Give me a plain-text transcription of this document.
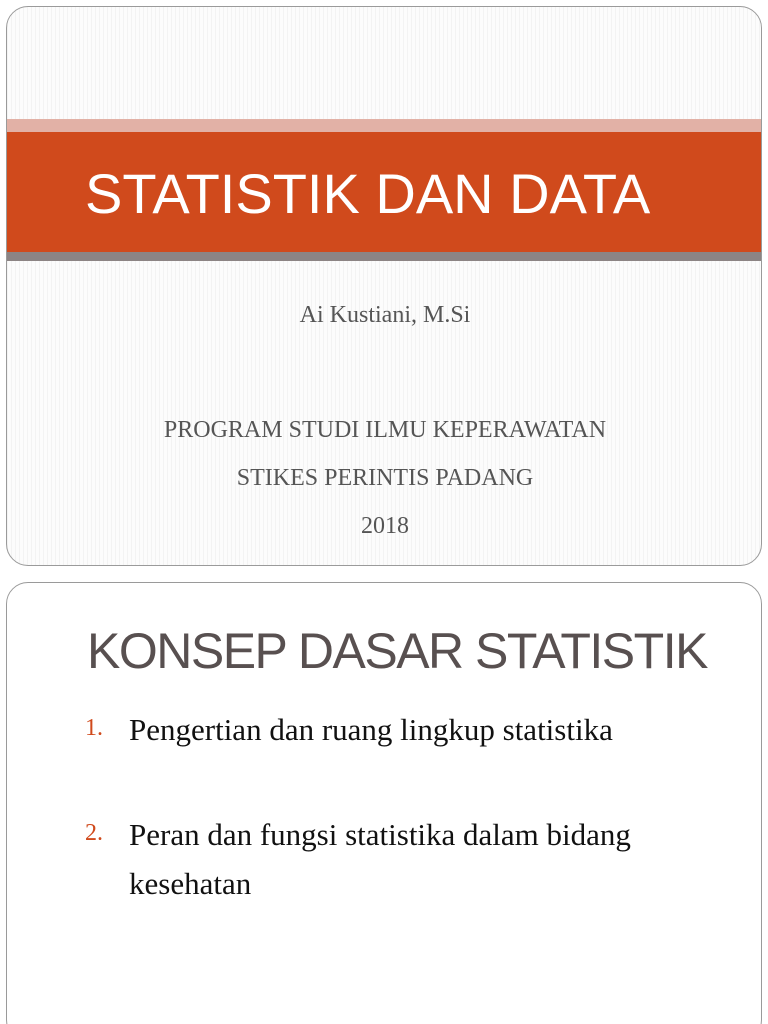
STATISTIK DAN DATA
Ai Kustiani, M.Si
PROGRAM STUDI ILMU KEPERAWATAN
STIKES PERINTIS PADANG
2018
KONSEP DASAR STATISTIK
1. Pengertian dan ruang lingkup statistika
2. Peran dan fungsi statistika dalam bidang kesehatan
